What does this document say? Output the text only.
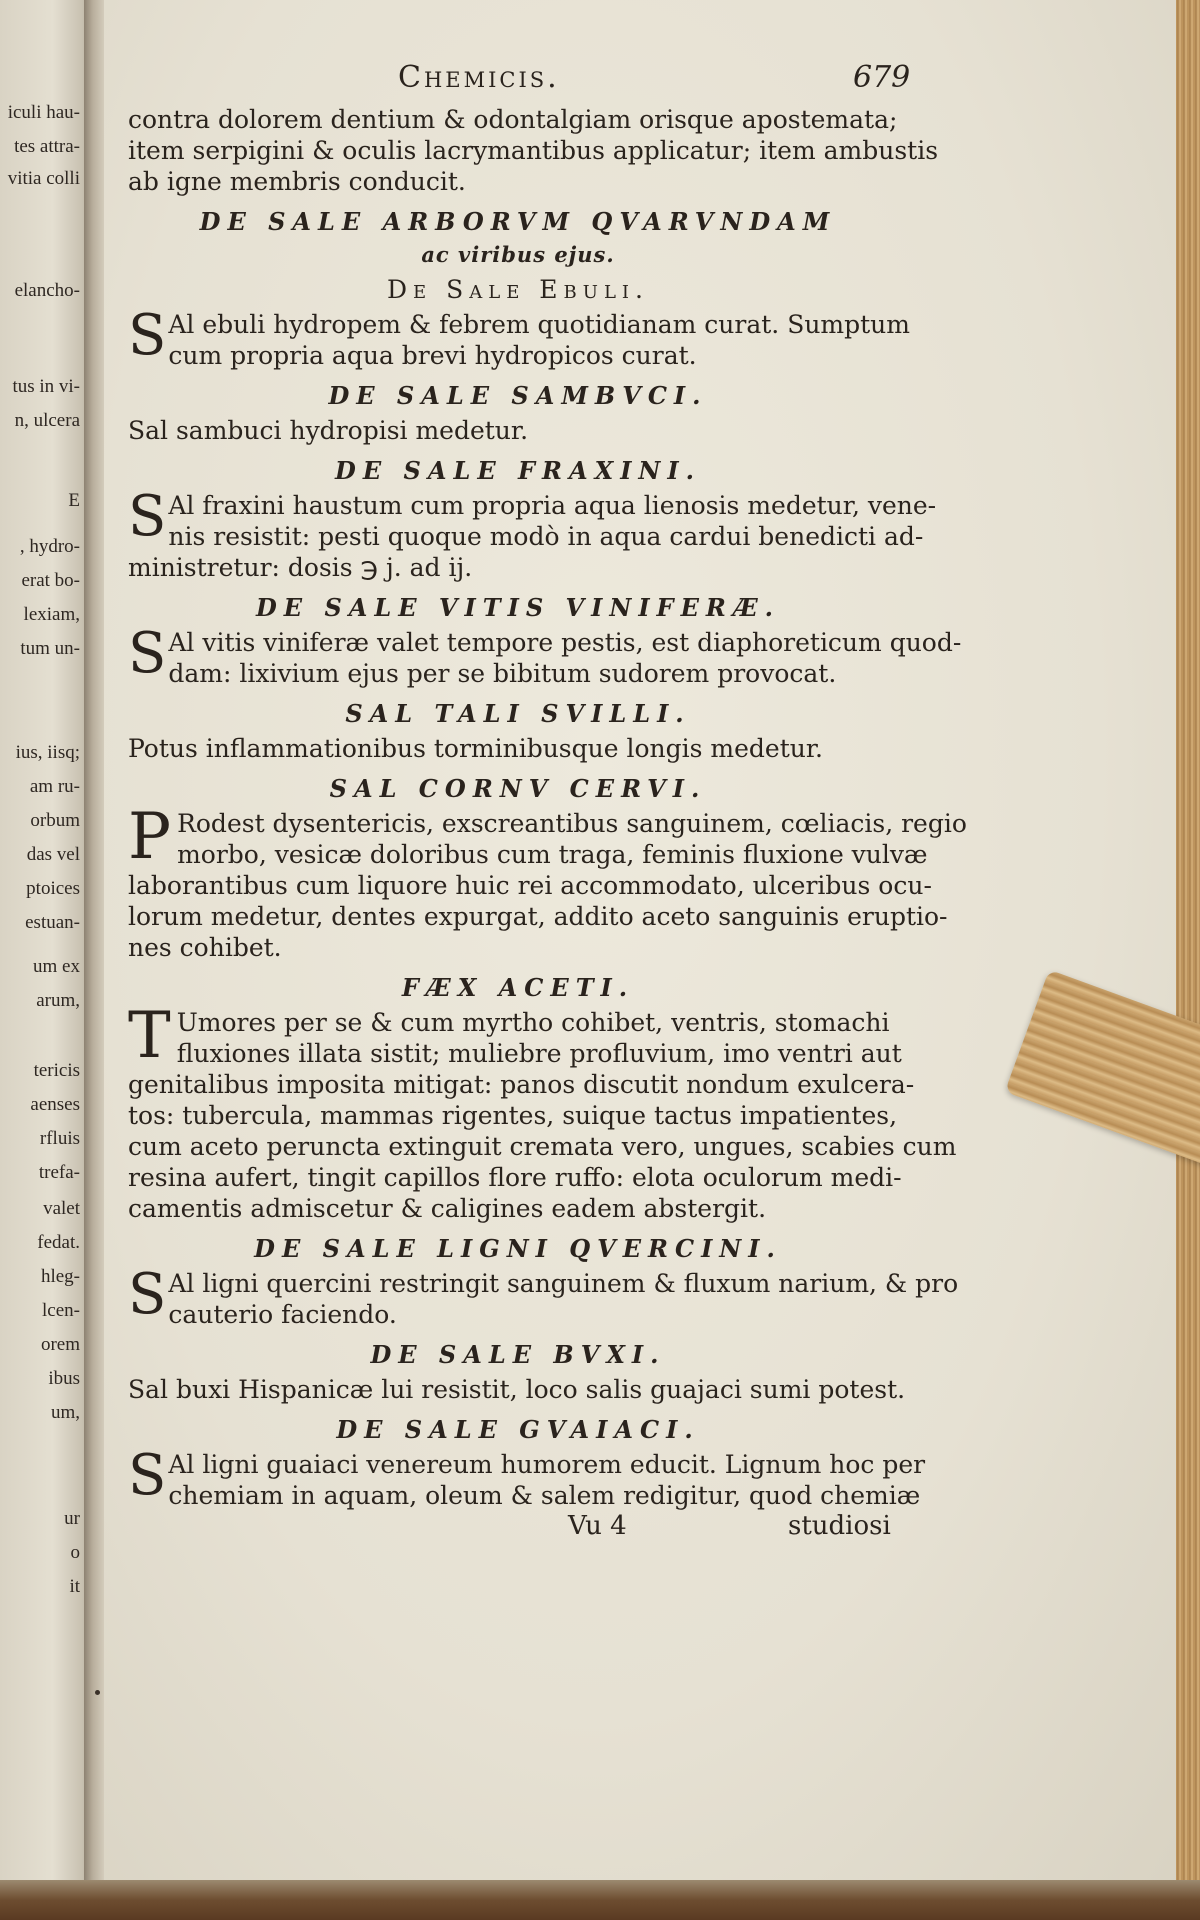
iculi hau-
tes attra-
vitia colli
elancho-
tus in vi-
n, ulcera
E
, hydro-
erat bo-
lexiam,
tum un-
ius, iisq;
am ru-
orbum
das vel
ptoices
estuan-
um ex
arum,
tericis
aenses
rfluis
trefa-
valet
fedat.
hleg-
lcen-
orem
ibus
um,
ur
o
it
Chemicis.	679
contra dolorem dentium & odontalgiam orisque apostemata;
item serpigini & oculis lacrymantibus applicatur; item ambustis
ab igne membris conducit.
DE SALE ARBORVM QVARVNDAM
ac viribus ejus.
De Sale Ebuli.
S Al ebuli hydropem & febrem quotidianam curat. Sumptum
cum propria aqua brevi hydropicos curat.
DE SALE SAMBVCI.
Sal sambuci hydropisi medetur.
DE SALE FRAXINI.
S Al fraxini haustum cum propria aqua lienosis medetur, vene-
nis resistit: pesti quoque modò in aqua cardui benedicti ad-
ministretur: dosis ℈ j. ad ij.
DE SALE VITIS VINIFERÆ.
S Al vitis viniferæ valet tempore pestis, est diaphoreticum quod-
dam: lixivium ejus per se bibitum sudorem provocat.
SAL TALI SVILLI.
Potus inflammationibus torminibusque longis medetur.
SAL CORNV CERVI.
P Rodest dysentericis, exscreantibus sanguinem, cœliacis, regio
morbo, vesicæ doloribus cum traga, feminis fluxione vulvæ
laborantibus cum liquore huic rei accommodato, ulceribus ocu-
lorum medetur, dentes expurgat, addito aceto sanguinis eruptio-
nes cohibet.
FÆX ACETI.
T Umores per se & cum myrtho cohibet, ventris, stomachi
fluxiones illata sistit; muliebre profluvium, imo ventri aut
genitalibus imposita mitigat: panos discutit nondum exulcera-
tos: tubercula, mammas rigentes, suique tactus impatientes,
cum aceto peruncta extinguit cremata vero, ungues, scabies cum
resina aufert, tingit capillos flore ruffo: elota oculorum medi-
camentis admiscetur & caligines eadem abstergit.
DE SALE LIGNI QVERCINI.
S Al ligni quercini restringit sanguinem & fluxum narium, & pro
cauterio faciendo.
DE SALE BVXI.
Sal buxi Hispanicæ lui resistit, loco salis guajaci sumi potest.
DE SALE GVAIACI.
S Al ligni guaiaci venereum humorem educit. Lignum hoc per
chemiam in aquam, oleum & salem redigitur, quod chemiæ
Vu 4	studiosi
